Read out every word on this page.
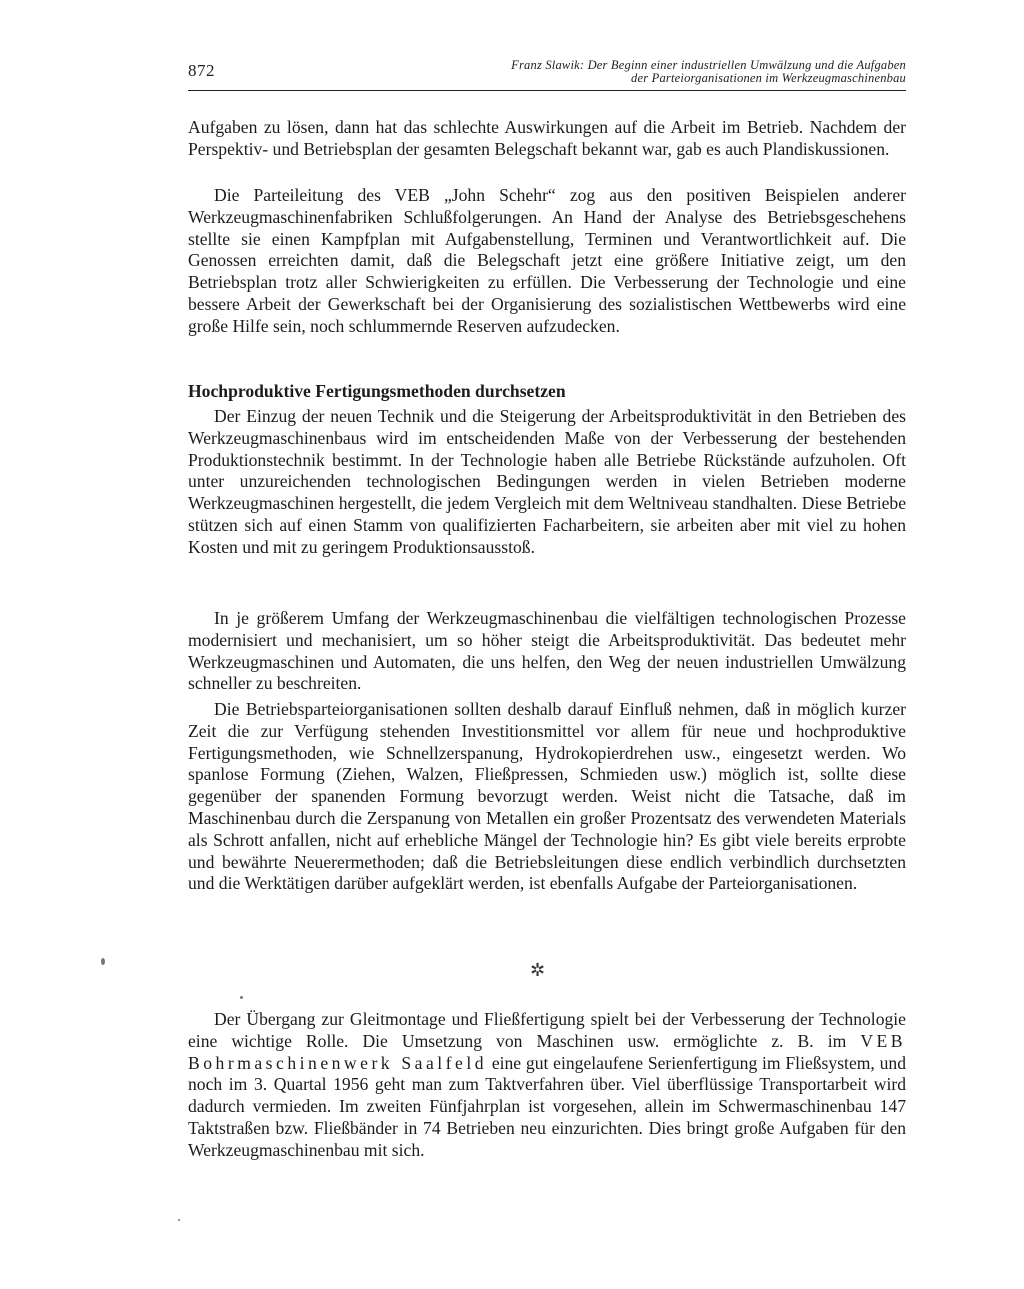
872	Franz Slawik: Der Beginn einer industriellen Umwälzung und die Aufgaben
der Parteiorganisationen im Werkzeugmaschinenbau

Aufgaben zu lösen, dann hat das schlechte Auswirkungen auf die Arbeit im Betrieb. Nachdem der Perspektiv- und Betriebsplan der gesamten Belegschaft bekannt war, gab es auch Plandiskussionen.

Die Parteileitung des VEB „John Schehr“ zog aus den positiven Beispielen anderer Werkzeugmaschinenfabriken Schlußfolgerungen. An Hand der Analyse des Betriebsgeschehens stellte sie einen Kampfplan mit Aufgabenstellung, Terminen und Verantwortlichkeit auf. Die Genossen erreichten damit, daß die Belegschaft jetzt eine größere Initiative zeigt, um den Betriebsplan trotz aller Schwierigkeiten zu erfüllen. Die Verbesserung der Technologie und eine bessere Arbeit der Gewerkschaft bei der Organisierung des sozialistischen Wettbewerbs wird eine große Hilfe sein, noch schlummernde Reserven aufzudecken.

Hochproduktive Fertigungsmethoden durchsetzen

Der Einzug der neuen Technik und die Steigerung der Arbeitsproduktivität in den Betrieben des Werkzeugmaschinenbaus wird im entscheidenden Maße von der Verbesserung der bestehenden Produktionstechnik bestimmt. In der Technologie haben alle Betriebe Rückstände aufzuholen. Oft unter unzureichenden technologischen Bedingungen werden in vielen Betrieben moderne Werkzeugmaschinen hergestellt, die jedem Vergleich mit dem Weltniveau standhalten. Diese Betriebe stützen sich auf einen Stamm von qualifizierten Facharbeitern, sie arbeiten aber mit viel zu hohen Kosten und mit zu geringem Produktionsausstoß.

In je größerem Umfang der Werkzeugmaschinenbau die vielfältigen technologischen Prozesse modernisiert und mechanisiert, um so höher steigt die Arbeitsproduktivität. Das bedeutet mehr Werkzeugmaschinen und Automaten, die uns helfen, den Weg der neuen industriellen Umwälzung schneller zu beschreiten.

Die Betriebsparteiorganisationen sollten deshalb darauf Einfluß nehmen, daß in möglich kurzer Zeit die zur Verfügung stehenden Investitionsmittel vor allem für neue und hochproduktive Fertigungsmethoden, wie Schnellzerspanung, Hydrokopierdrehen usw., eingesetzt werden. Wo spanlose Formung (Ziehen, Walzen, Fließpressen, Schmieden usw.) möglich ist, sollte diese gegenüber der spanenden Formung bevorzugt werden. Weist nicht die Tatsache, daß im Maschinenbau durch die Zerspanung von Metallen ein großer Prozentsatz des verwendeten Materials als Schrott anfallen, nicht auf erhebliche Mängel der Technologie hin? Es gibt viele bereits erprobte und bewährte Neuerermethoden; daß die Betriebsleitungen diese endlich verbindlich durchsetzten und die Werktätigen darüber aufgeklärt werden, ist ebenfalls Aufgabe der Parteiorganisationen.

✲

Der Übergang zur Gleitmontage und Fließfertigung spielt bei der Verbesserung der Technologie eine wichtige Rolle. Die Umsetzung von Maschinen usw. ermöglichte z. B. im VEB Bohrmaschinenwerk Saalfeld eine gut eingelaufene Serienfertigung im Fließsystem, und noch im 3. Quartal 1956 geht man zum Taktverfahren über. Viel überflüssige Transportarbeit wird dadurch vermieden. Im zweiten Fünfjahrplan ist vorgesehen, allein im Schwermaschinenbau 147 Taktstraßen bzw. Fließbänder in 74 Betrieben neu einzurichten. Dies bringt große Aufgaben für den Werkzeugmaschinenbau mit sich.
